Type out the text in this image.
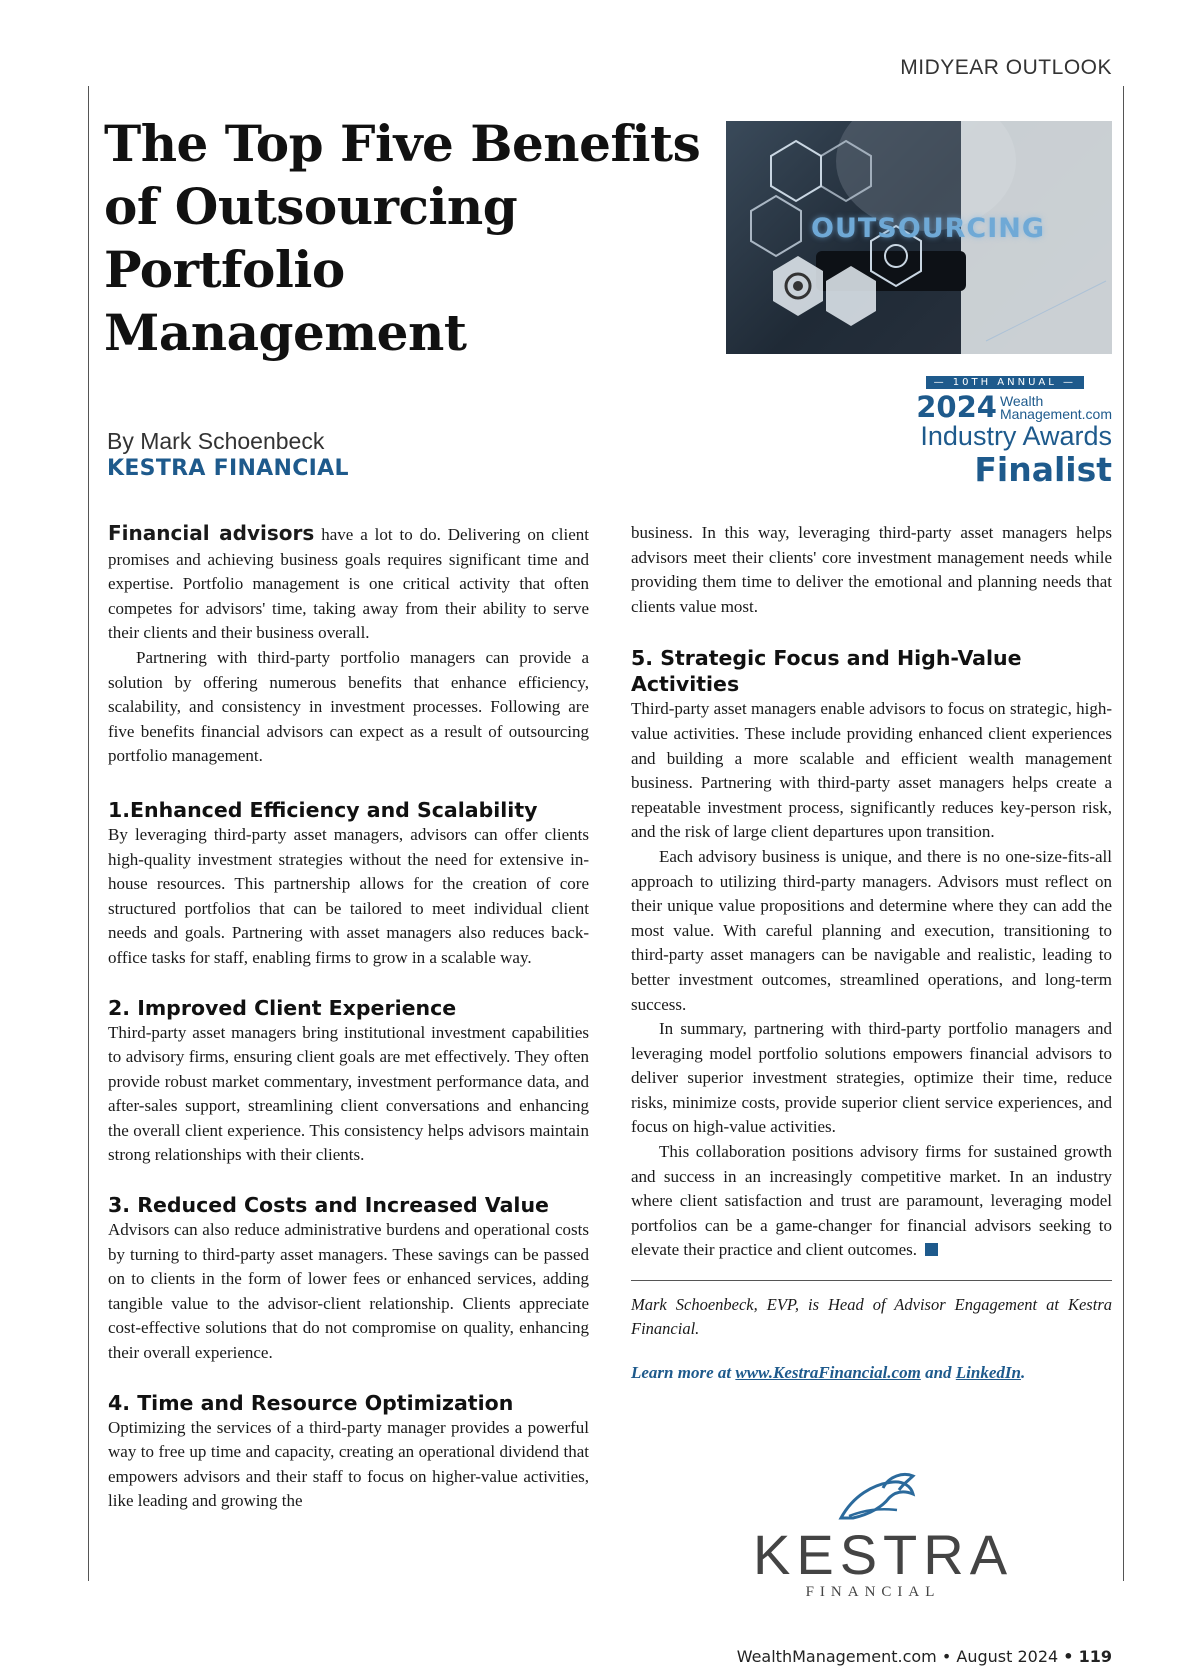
MIDYEAR OUTLOOK
The Top Five Benefits of Outsourcing Portfolio Management
OUTSOURCING
By Mark Schoenbeck
KESTRA FINANCIAL
— 10TH ANNUAL —
2024 Wealth
Management.com
Industry Awards
Finalist

Financial advisors have a lot to do. Delivering on client promises and achieving business goals requires significant time and expertise. Portfolio management is one critical activity that often competes for advisors' time, taking away from their ability to serve their clients and their business overall.

Partnering with third-party portfolio managers can provide a solution by offering numerous benefits that enhance efficiency, scalability, and consistency in investment processes. Following are five benefits financial advisors can expect as a result of outsourcing portfolio management.

1.Enhanced Efficiency and Scalability

By leveraging third-party asset managers, advisors can offer clients high-quality investment strategies without the need for extensive in-house resources. This partnership allows for the creation of core structured portfolios that can be tailored to meet individual client needs and goals. Partnering with asset managers also reduces back-office tasks for staff, enabling firms to grow in a scalable way.

2. Improved Client Experience

Third-party asset managers bring institutional investment capabilities to advisory firms, ensuring client goals are met effectively. They often provide robust market commentary, investment performance data, and after-sales support, streamlining client conversations and enhancing the overall client experience. This consistency helps advisors maintain strong relationships with their clients.

3. Reduced Costs and Increased Value

Advisors can also reduce administrative burdens and operational costs by turning to third-party asset managers. These savings can be passed on to clients in the form of lower fees or enhanced services, adding tangible value to the advisor-client relationship. Clients appreciate cost-effective solutions that do not compromise on quality, enhancing their overall experience.

4. Time and Resource Optimization

Optimizing the services of a third-party manager provides a powerful way to free up time and capacity, creating an operational dividend that empowers advisors and their staff to focus on higher-value activities, like leading and growing the

business. In this way, leveraging third-party asset managers helps advisors meet their clients' core investment management needs while providing them time to deliver the emotional and planning needs that clients value most.

5. Strategic Focus and High-Value Activities

Third-party asset managers enable advisors to focus on strategic, high-value activities. These include providing enhanced client experiences and building a more scalable and efficient wealth management business. Partnering with third-party asset managers helps create a repeatable investment process, significantly reduces key-person risk, and the risk of large client departures upon transition.

Each advisory business is unique, and there is no one-size-fits-all approach to utilizing third-party managers. Advisors must reflect on their unique value propositions and determine where they can add the most value. With careful planning and execution, transitioning to third-party asset managers can be navigable and realistic, leading to better investment outcomes, streamlined operations, and long-term success.

In summary, partnering with third-party portfolio managers and leveraging model portfolio solutions empowers financial advisors to deliver superior investment strategies, optimize their time, reduce risks, minimize costs, provide superior client service experiences, and focus on high-value activities.

This collaboration positions advisory firms for sustained growth and success in an increasingly competitive market. In an industry where client satisfaction and trust are paramount, leveraging model portfolios can be a game-changer for financial advisors seeking to elevate their practice and client outcomes.

Mark Schoenbeck, EVP, is Head of Advisor Engagement at Kestra Financial.
Learn more at www.KestraFinancial.com and LinkedIn.
KESTRA
FINANCIAL
WealthManagement.com • August 2024 • 119
